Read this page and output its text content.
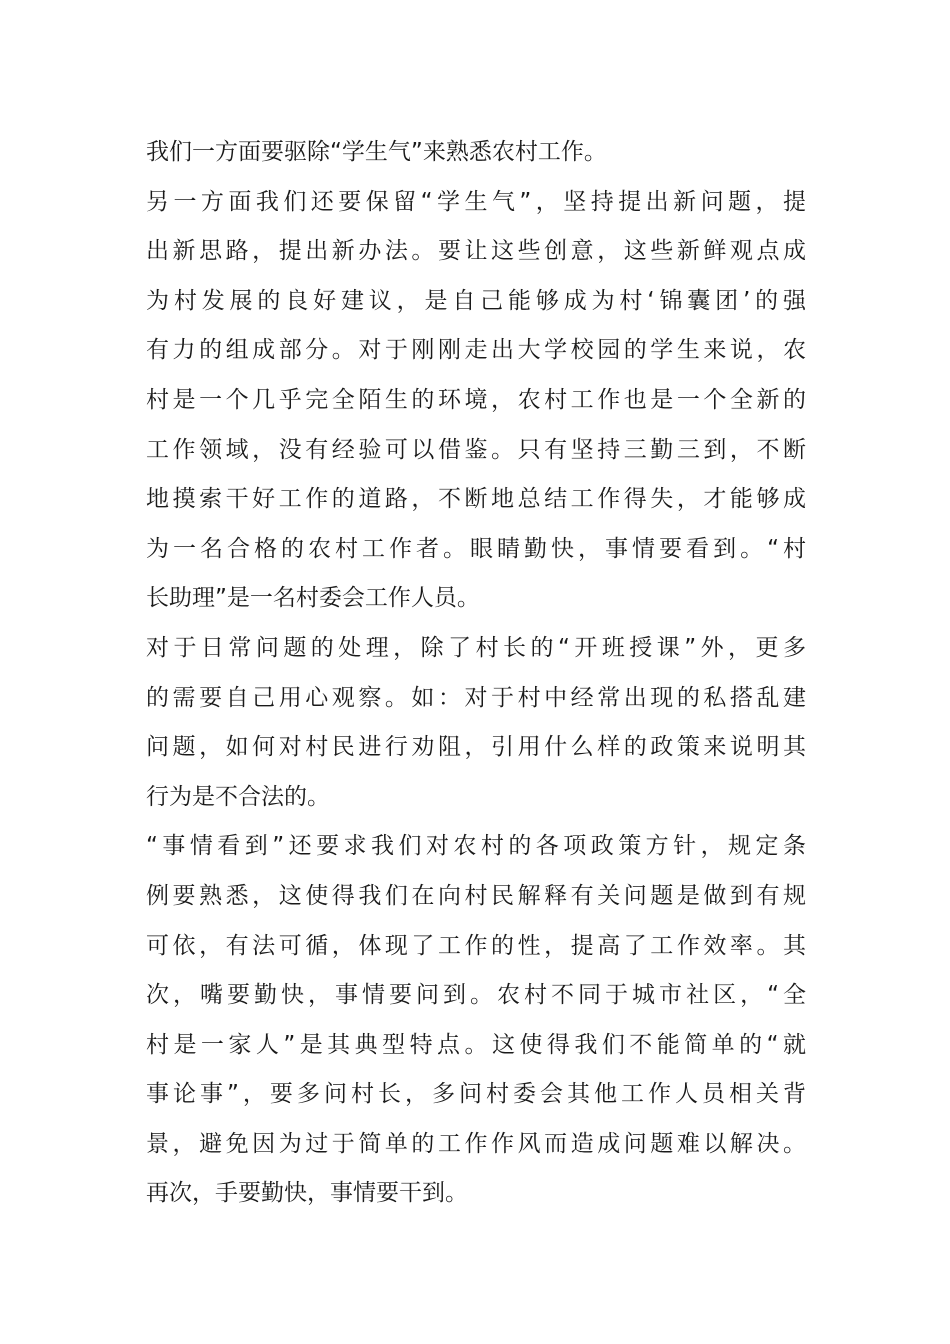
我们一方面要驱除“学生气”来熟悉农村工作。
另一方面我们还要保留“学生气”，坚持提出新问题，提
出新思路，提出新办法。要让这些创意，这些新鲜观点成
为村发展的良好建议，是自己能够成为村‘锦囊团’的强
有力的组成部分。对于刚刚走出大学校园的学生来说，农
村是一个几乎完全陌生的环境，农村工作也是一个全新的
工作领域，没有经验可以借鉴。只有坚持三勤三到，不断
地摸索干好工作的道路，不断地总结工作得失，才能够成
为一名合格的农村工作者。眼睛勤快，事情要看到。“村
长助理”是一名村委会工作人员。
对于日常问题的处理，除了村长的“开班授课”外，更多
的需要自己用心观察。如：对于村中经常出现的私搭乱建
问题，如何对村民进行劝阻，引用什么样的政策来说明其
行为是不合法的。
“事情看到”还要求我们对农村的各项政策方针，规定条
例要熟悉，这使得我们在向村民解释有关问题是做到有规
可依，有法可循，体现了工作的性，提高了工作效率。其
次，嘴要勤快，事情要问到。农村不同于城市社区，“全
村是一家人”是其典型特点。这使得我们不能简单的“就
事论事”，要多问村长，多问村委会其他工作人员相关背
景，避免因为过于简单的工作作风而造成问题难以解决。
再次，手要勤快，事情要干到。
